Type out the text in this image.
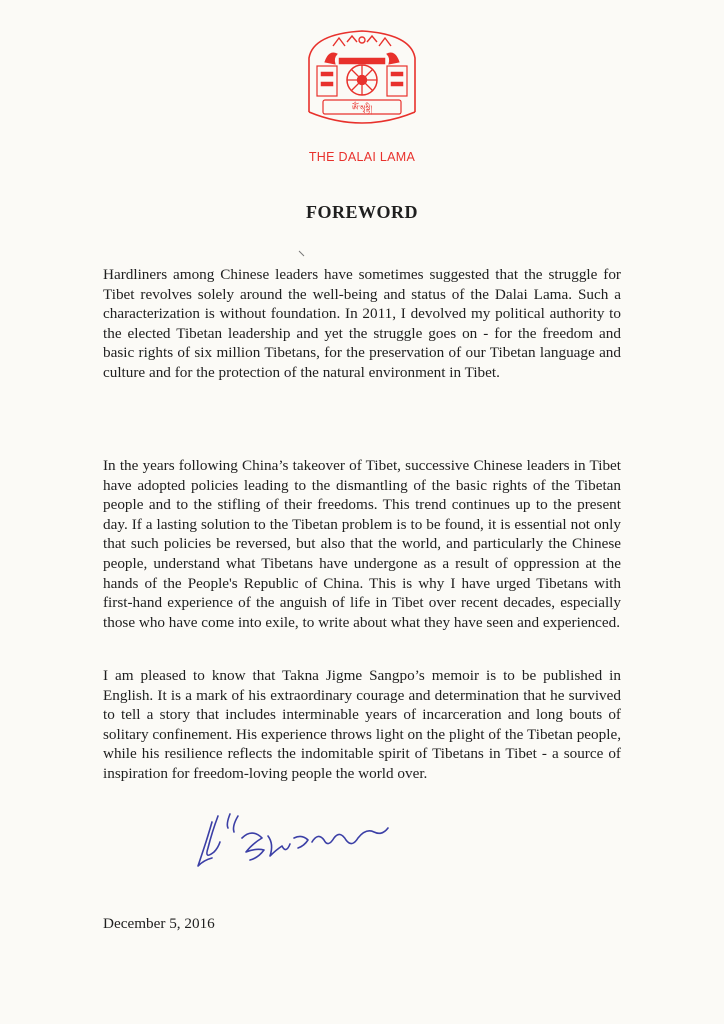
ༀ་སྭསྟི།
THE DALAI LAMA
FOREWORD

Hardliners among Chinese leaders have sometimes suggested that the struggle for Tibet revolves solely around the well-being and status of the Dalai Lama. Such a characterization is without foundation. In 2011, I devolved my political authority to the elected Tibetan leadership and yet the struggle goes on - for the freedom and basic rights of six million Tibetans, for the preservation of our Tibetan language and culture and for the protection of the natural environment in Tibet.

In the years following China’s takeover of Tibet, successive Chinese leaders in Tibet have adopted policies leading to the dismantling of the basic rights of the Tibetan people and to the stifling of their freedoms. This trend continues up to the present day. If a lasting solution to the Tibetan problem is to be found, it is essential not only that such policies be reversed, but also that the world, and particularly the Chinese people, understand what Tibetans have undergone as a result of oppression at the hands of the People's Republic of China. This is why I have urged Tibetans with first-hand experience of the anguish of life in Tibet over recent decades, especially those who have come into exile, to write about what they have seen and experienced.

I am pleased to know that Takna Jigme Sangpo’s memoir is to be published in English. It is a mark of his extraordinary courage and determination that he survived to tell a story that includes interminable years of incarceration and long bouts of solitary confinement. His experience throws light on the plight of the Tibetan people, while his resilience reflects the indomitable spirit of Tibetans in Tibet - a source of inspiration for freedom-loving people the world over.

December 5, 2016
